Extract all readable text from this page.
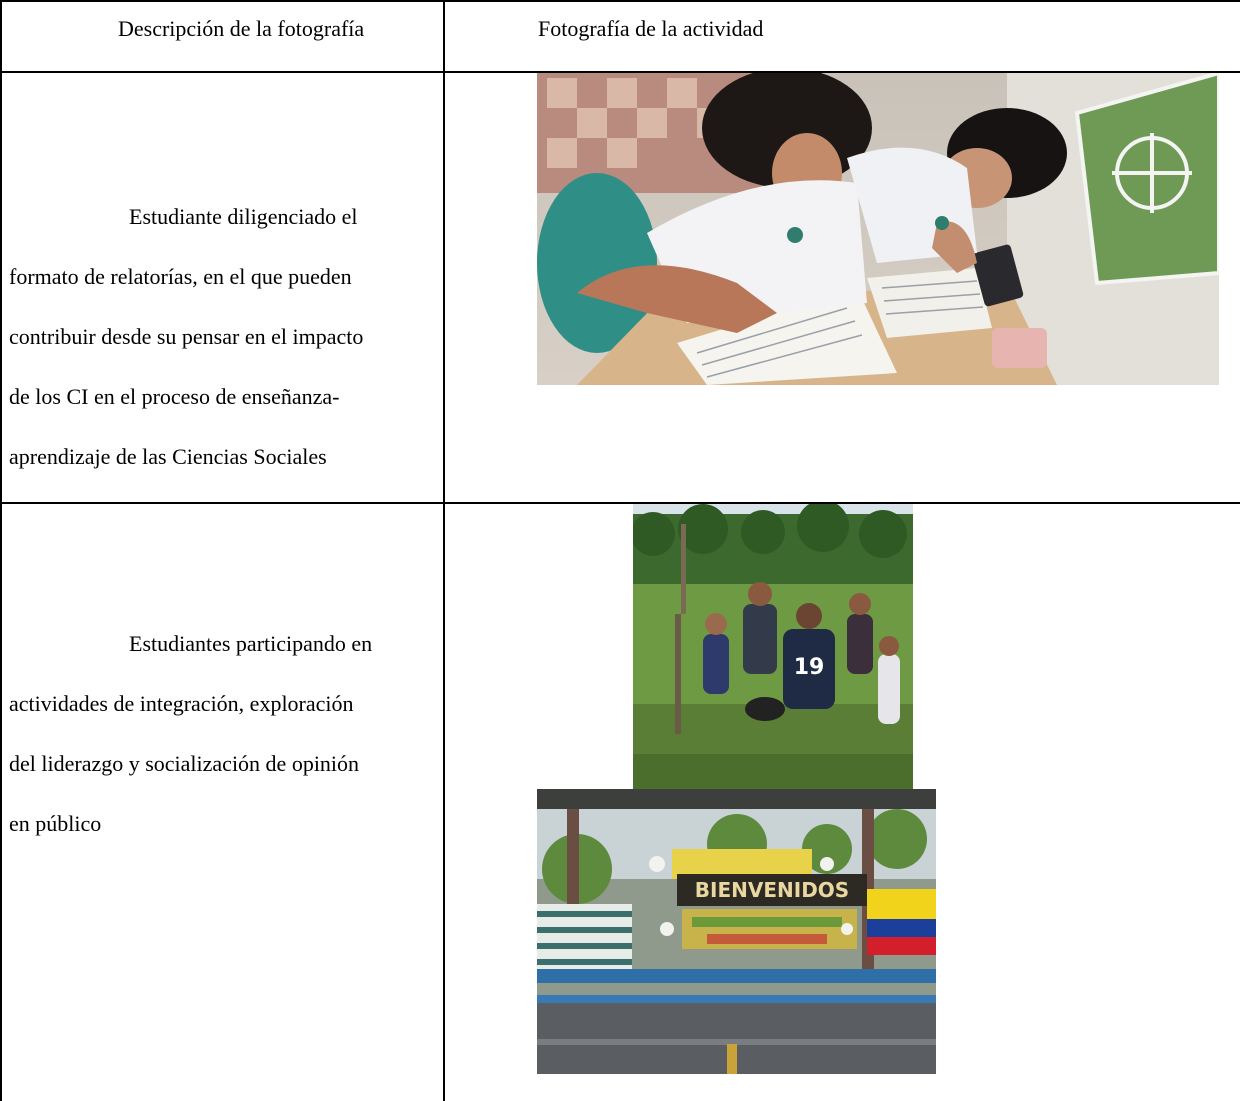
Descripción de la fotografía	Fotografía de la actividad

Estudiante diligenciado el

formato de relatorías, en el que pueden

contribuir desde su pensar en el impacto

de los CI en el proceso de enseñanza-

aprendizaje de las Ciencias Sociales

Estudiantes participando en

actividades de integración, exploración

del liderazgo y socialización de opinión

en público

19
BIENVENIDOS
